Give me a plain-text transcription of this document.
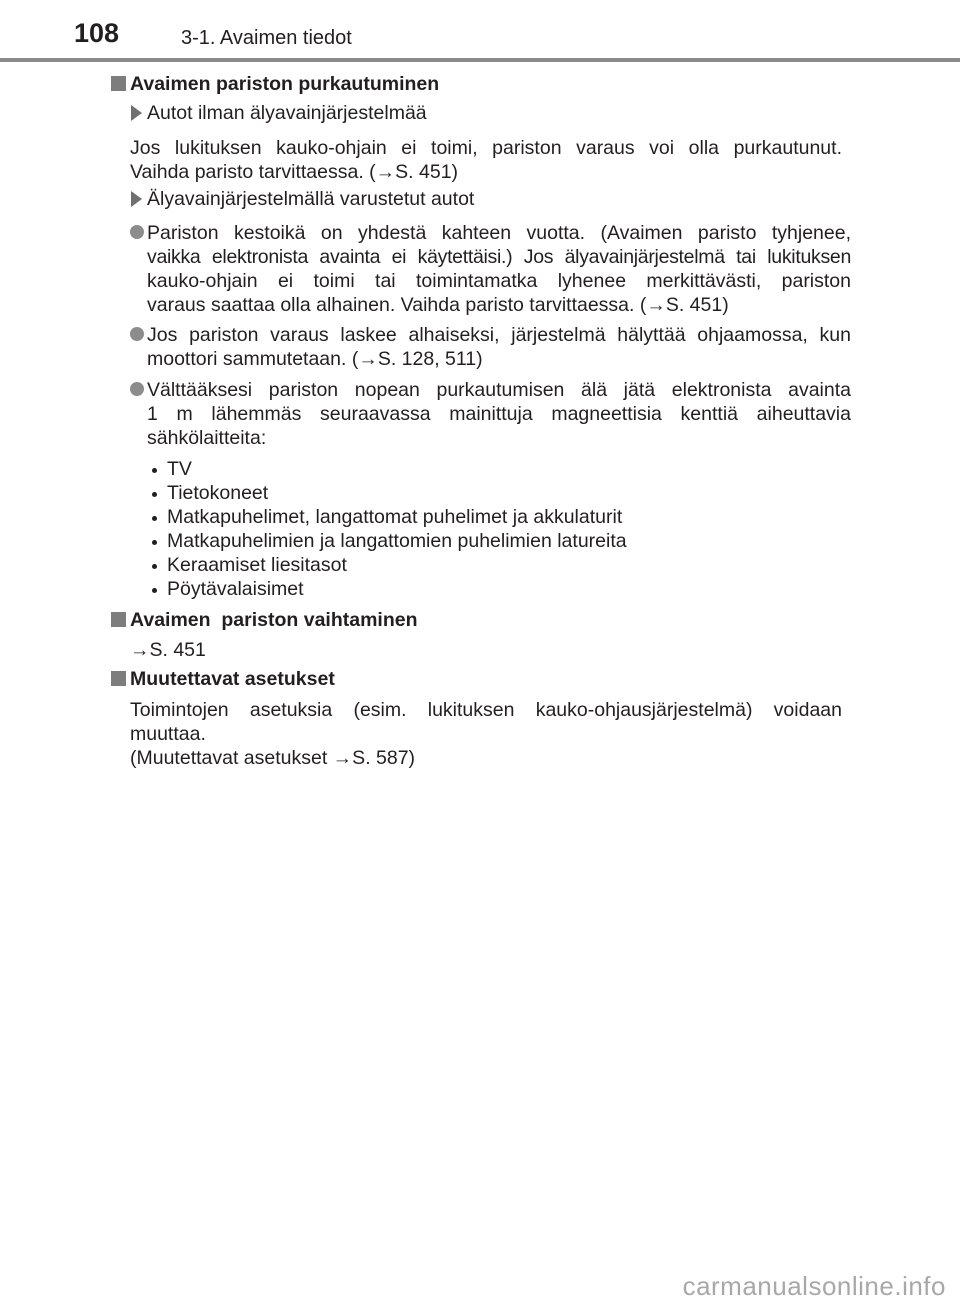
108	3-1. Avaimen tiedot
Avaimen pariston purkautuminen
Autot ilman älyavainjärjestelmää
Jos lukituksen kauko-ohjain ei toimi, pariston varaus voi olla purkautunut.
Vaihda paristo tarvittaessa. (→S. 451)
Älyavainjärjestelmällä varustetut autot
Pariston kestoikä on yhdestä kahteen vuotta. (Avaimen paristo tyhjenee,
vaikka elektronista avainta ei käytettäisi.) Jos älyavainjärjestelmä tai lukituksen
kauko-ohjain ei toimi tai toimintamatka lyhenee merkittävästi, pariston
varaus saattaa olla alhainen. Vaihda paristo tarvittaessa. (→S. 451)
Jos pariston varaus laskee alhaiseksi, järjestelmä hälyttää ohjaamossa, kun
moottori sammutetaan. (→S. 128, 511)
Välttääksesi pariston nopean purkautumisen älä jätä elektronista avainta
1 m lähemmäs seuraavassa mainittuja magneettisia kenttiä aiheuttavia
sähkölaitteita:
TV
Tietokoneet
Matkapuhelimet, langattomat puhelimet ja akkulaturit
Matkapuhelimien ja langattomien puhelimien latureita
Keraamiset liesitasot
Pöytävalaisimet
Avaimen  pariston vaihtaminen
→S. 451
Muutettavat asetukset
Toimintojen asetuksia (esim. lukituksen kauko-ohjausjärjestelmä) voidaan
muuttaa.
(Muutettavat asetukset →S. 587)
carmanualsonline.info
